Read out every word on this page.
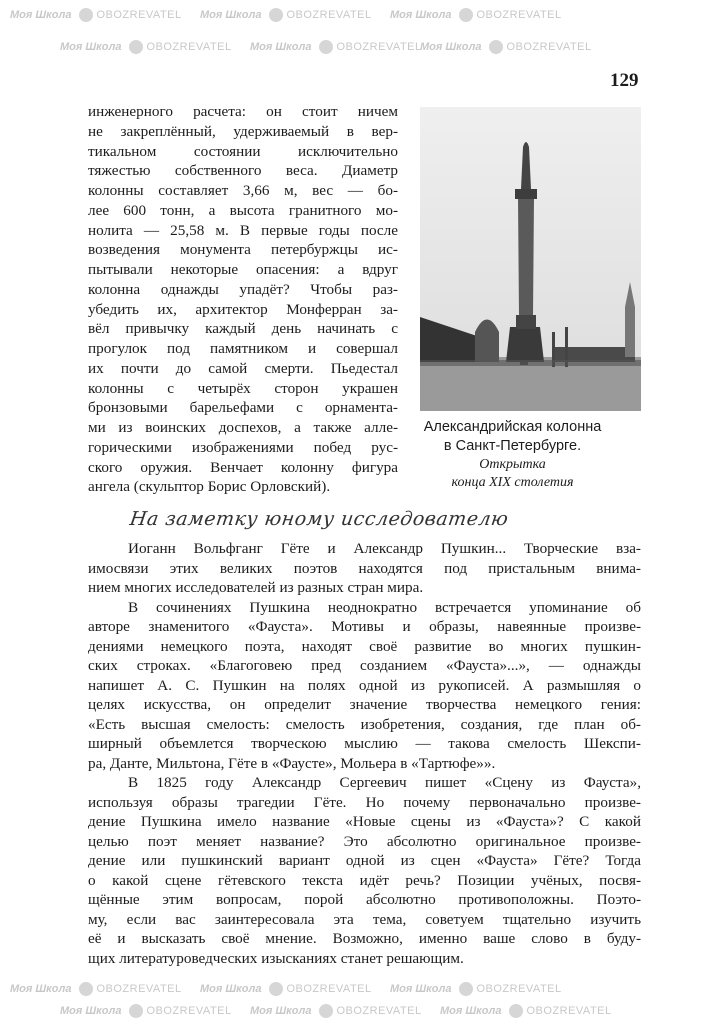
Моя Школа OBOZREVATEL Моя Школа OBOZREVATEL Моя Школа OBOZREVATEL
Моя Школа OBOZREVATEL Моя Школа OBOZREVATEL
Моя Школа OBOZREVATEL
Моя Школа OBOZREVATEL Моя Школа OBOZREVATEL Моя Школа OBOZREVATEL
Моя Школа OBOZREVATEL Моя Школа OBOZREVATEL Моя Школа OBOZREVATEL
129
инженерного расчета: он стоит ничем
не закреплённый, удерживаемый в вер-
тикальном состоянии исключительно
тяжестью собственного веса. Диаметр
колонны составляет 3,66 м, вес — бо-
лее 600 тонн, а высота гранитного мо-
нолита — 25,58 м. В первые годы после
возведения монумента петербуржцы ис-
пытывали некоторые опасения: а вдруг
колонна однажды упадёт? Чтобы раз-
убедить их, архитектор Монферран за-
вёл привычку каждый день начинать с
прогулок под памятником и совершал
их почти до самой смерти. Пьедестал
колонны с четырёх сторон украшен
бронзовыми барельефами с орнамента-
ми из воинских доспехов, а также алле-
горическими изображениями побед рус-
ского оружия. Венчает колонну фигура
ангела (скульптор Борис Орловский).
Александрийская колонна
в Санкт-Петербурге.
Открытка
конца XIX столетия
На заметку юному исследователю
Иоганн Вольфганг Гёте и Александр Пушкин... Творческие вза-
имосвязи этих великих поэтов находятся под пристальным внима-
нием многих исследователей из разных стран мира.
В сочинениях Пушкина неоднократно встречается упоминание об
авторе знаменитого «Фауста». Мотивы и образы, навеянные произве-
дениями немецкого поэта, находят своё развитие во многих пушкин-
ских строках. «Благоговею пред созданием «Фауста»...», — однажды
напишет А. С. Пушкин на полях одной из рукописей. А размышляя о
целях искусства, он определит значение творчества немецкого гения:
«Есть высшая смелость: смелость изобретения, создания, где план об-
ширный объемлется творческою мыслию — такова смелость Шекспи-
ра, Данте, Мильтона, Гёте в «Фаусте», Мольера в «Тартюфе»».
В 1825 году Александр Сергеевич пишет «Сцену из Фауста»,
используя образы трагедии Гёте. Но почему первоначально произве-
дение Пушкина имело название «Новые сцены из «Фауста»? С какой
целью поэт меняет название? Это абсолютно оригинальное произве-
дение или пушкинский вариант одной из сцен «Фауста» Гёте? Тогда
о какой сцене гётевского текста идёт речь? Позиции учёных, посвя-
щённые этим вопросам, порой абсолютно противоположны. Поэто-
му, если вас заинтересовала эта тема, советуем тщательно изучить
её и высказать своё мнение. Возможно, именно ваше слово в буду-
щих литературоведческих изысканиях станет решающим.
